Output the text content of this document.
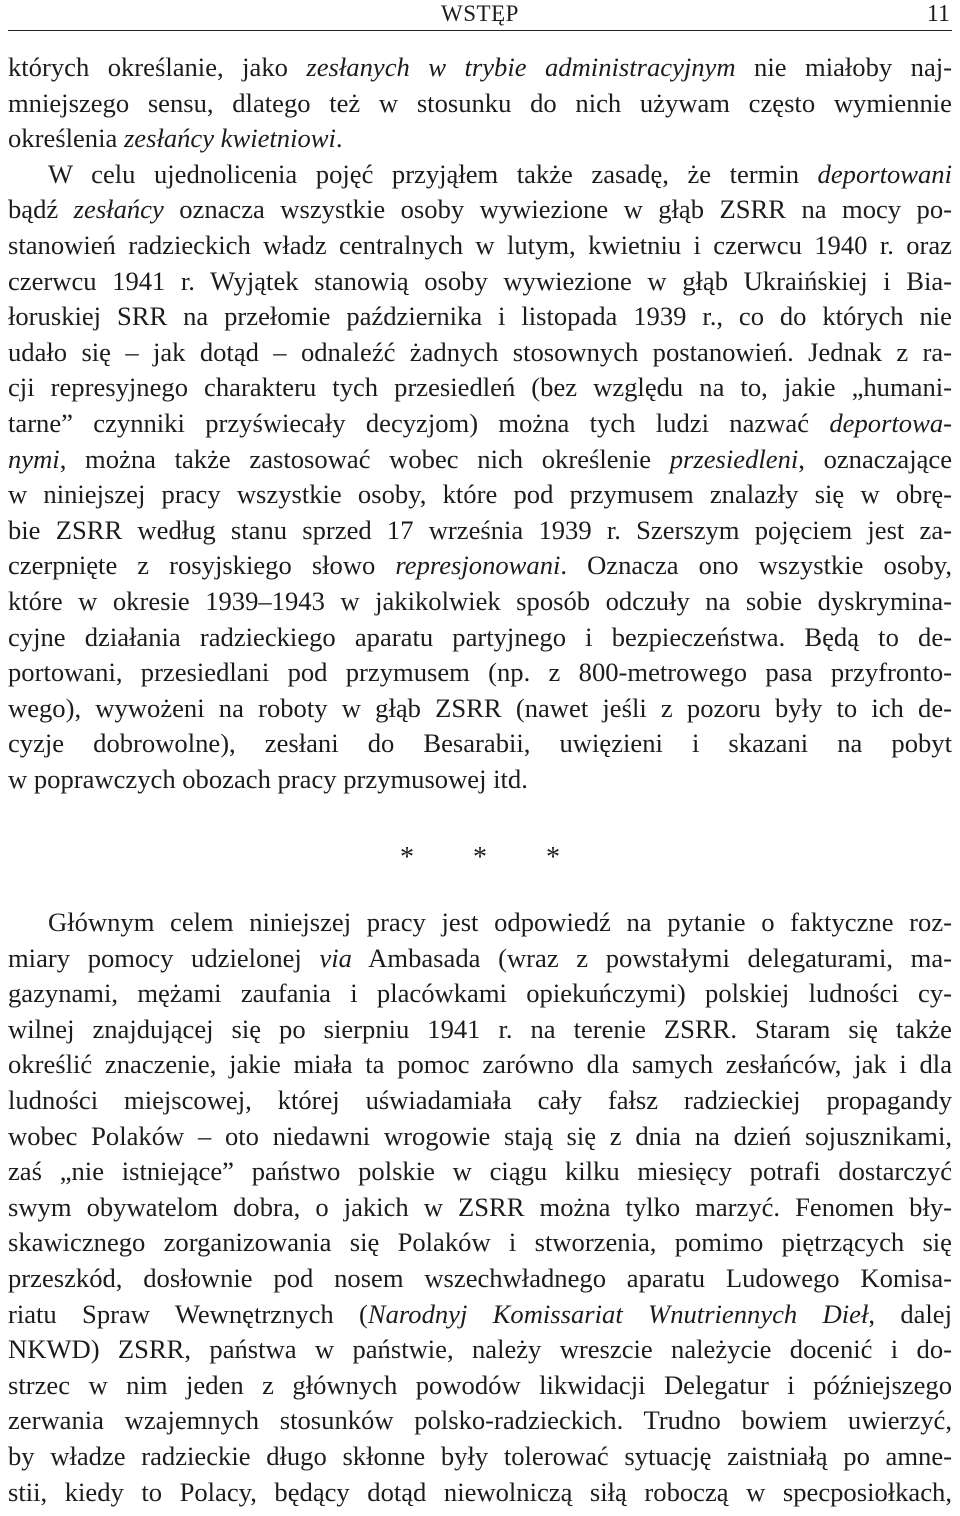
WSTĘP	11
których określanie, jako zesłanych w trybie administracyjnym nie miałoby naj-
mniejszego sensu, dlatego też w stosunku do nich używam często wymiennie
określenia zesłańcy kwietniowi.
W celu ujednolicenia pojęć przyjąłem także zasadę, że termin deportowani
bądź zesłańcy oznacza wszystkie osoby wywiezione w głąb ZSRR na mocy po-
stanowień radzieckich władz centralnych w lutym, kwietniu i czerwcu 1940 r. oraz
czerwcu 1941 r. Wyjątek stanowią osoby wywiezione w głąb Ukraińskiej i Bia-
łoruskiej SRR na przełomie października i listopada 1939 r., co do których nie
udało się – jak dotąd – odnaleźć żadnych stosownych postanowień. Jednak z ra-
cji represyjnego charakteru tych przesiedleń (bez względu na to, jakie „humani-
tarne” czynniki przyświecały decyzjom) można tych ludzi nazwać deportowa-
nymi, można także zastosować wobec nich określenie przesiedleni, oznaczające
w niniejszej pracy wszystkie osoby, które pod przymusem znalazły się w obrę-
bie ZSRR według stanu sprzed 17 września 1939 r. Szerszym pojęciem jest za-
czerpnięte z rosyjskiego słowo represjonowani. Oznacza ono wszystkie osoby,
które w okresie 1939–1943 w jakikolwiek sposób odczuły na sobie dyskrymina-
cyjne działania radzieckiego aparatu partyjnego i bezpieczeństwa. Będą to de-
portowani, przesiedlani pod przymusem (np. z 800-metrowego pasa przyfronto-
wego), wywożeni na roboty w głąb ZSRR (nawet jeśli z pozoru były to ich de-
cyzje dobrowolne), zesłani do Besarabii, uwięzieni i skazani na pobyt
w poprawczych obozach pracy przymusowej itd.
* * *
Głównym celem niniejszej pracy jest odpowiedź na pytanie o faktyczne roz-
miary pomocy udzielonej via Ambasada (wraz z powstałymi delegaturami, ma-
gazynami, mężami zaufania i placówkami opiekuńczymi) polskiej ludności cy-
wilnej znajdującej się po sierpniu 1941 r. na terenie ZSRR. Staram się także
określić znaczenie, jakie miała ta pomoc zarówno dla samych zesłańców, jak i dla
ludności miejscowej, której uświadamiała cały fałsz radzieckiej propagandy
wobec Polaków – oto niedawni wrogowie stają się z dnia na dzień sojusznikami,
zaś „nie istniejące” państwo polskie w ciągu kilku miesięcy potrafi dostarczyć
swym obywatelom dobra, o jakich w ZSRR można tylko marzyć. Fenomen bły-
skawicznego zorganizowania się Polaków i stworzenia, pomimo piętrzących się
przeszkód, dosłownie pod nosem wszechwładnego aparatu Ludowego Komisa-
riatu Spraw Wewnętrznych (Narodnyj Komissariat Wnutriennych Dieł, dalej
NKWD) ZSRR, państwa w państwie, należy wreszcie należycie docenić i do-
strzec w nim jeden z głównych powodów likwidacji Delegatur i późniejszego
zerwania wzajemnych stosunków polsko-radzieckich. Trudno bowiem uwierzyć,
by władze radzieckie długo skłonne były tolerować sytuację zaistniałą po amne-
stii, kiedy to Polacy, będący dotąd niewolniczą siłą roboczą w specposiołkach,
